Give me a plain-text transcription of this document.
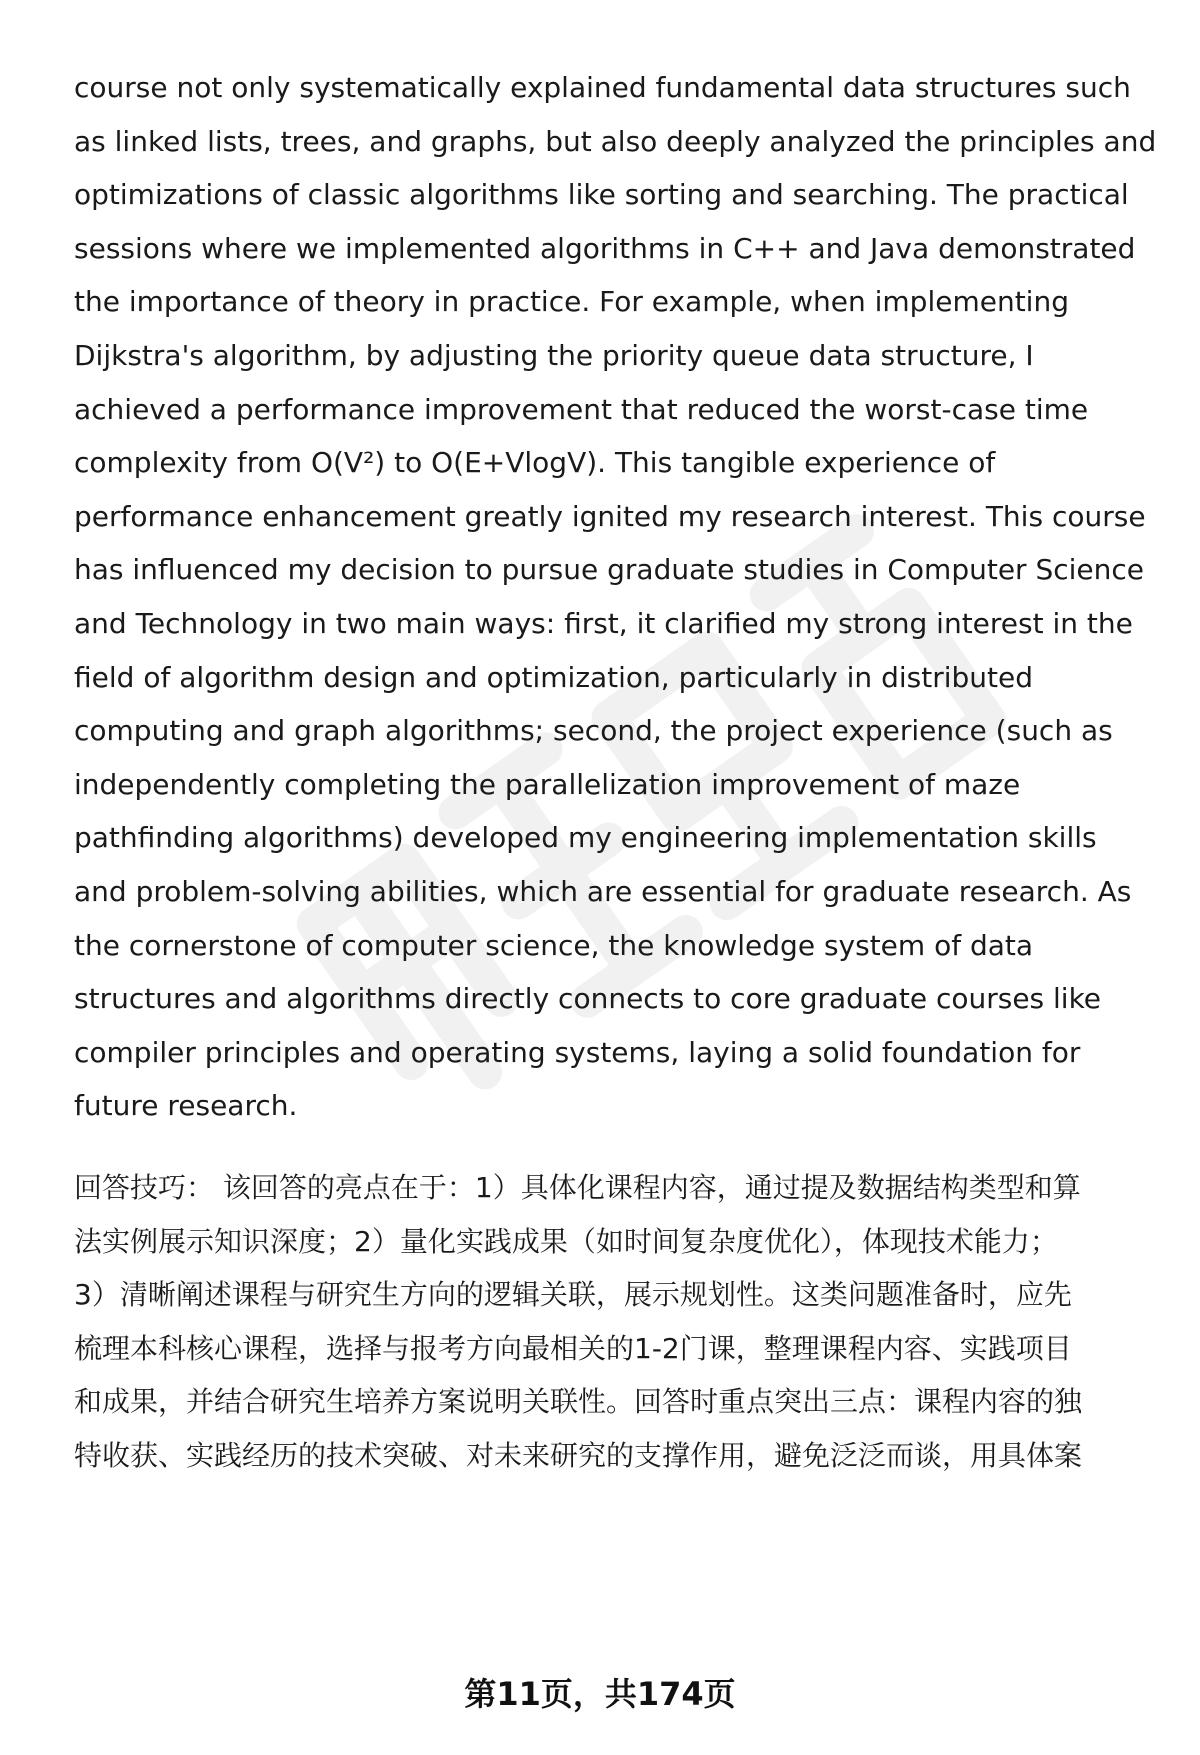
course not only systematically explained fundamental data structures such
as linked lists, trees, and graphs, but also deeply analyzed the principles and
optimizations of classic algorithms like sorting and searching. The practical
sessions where we implemented algorithms in C++ and Java demonstrated
the importance of theory in practice. For example, when implementing
Dijkstra's algorithm, by adjusting the priority queue data structure, I
achieved a performance improvement that reduced the worst-case time
complexity from O(V²) to O(E+VlogV). This tangible experience of
performance enhancement greatly ignited my research interest. This course
has influenced my decision to pursue graduate studies in Computer Science
and Technology in two main ways: first, it clarified my strong interest in the
field of algorithm design and optimization, particularly in distributed
computing and graph algorithms; second, the project experience (such as
independently completing the parallelization improvement of maze
pathfinding algorithms) developed my engineering implementation skills
and problem-solving abilities, which are essential for graduate research. As
the cornerstone of computer science, the knowledge system of data
structures and algorithms directly connects to core graduate courses like
compiler principles and operating systems, laying a solid foundation for
future research.
回答技巧： 该回答的亮点在于：1）具体化课程内容，通过提及数据结构类型和算
法实例展示知识深度；2）量化实践成果（如时间复杂度优化），体现技术能力；
3）清晰阐述课程与研究生方向的逻辑关联，展示规划性。这类问题准备时，应先
梳理本科核心课程，选择与报考方向最相关的1-2门课，整理课程内容、实践项目
和成果，并结合研究生培养方案说明关联性。回答时重点突出三点：课程内容的独
特收获、实践经历的技术突破、对未来研究的支撑作用，避免泛泛而谈，用具体案
第11页，共174页
